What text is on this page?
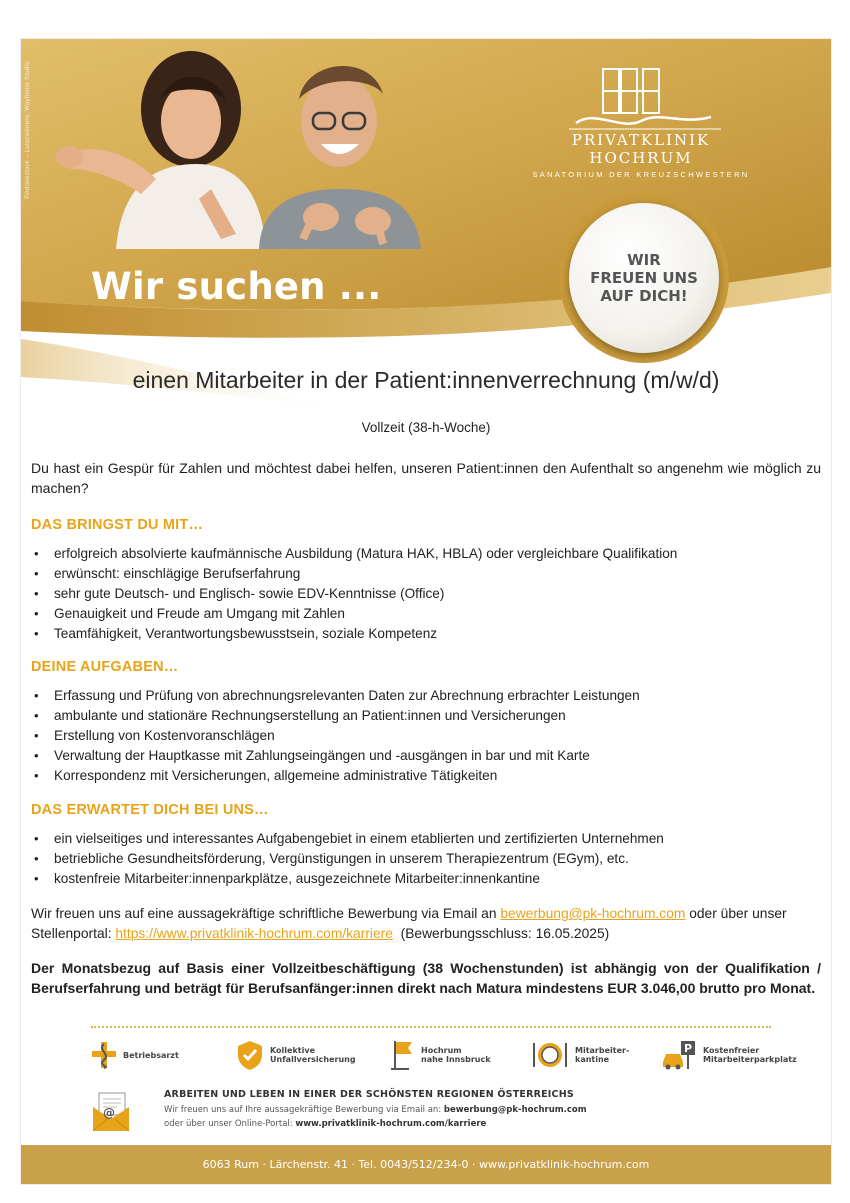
©Adobestock – Luismolinero, Wayhome Studio	PRIVATKLINIK HOCHRUM
SANATORIUM DER KREUZSCHWESTERN
Wir suchen ...
WIR
FREUEN UNS
AUF DICH!
einen Mitarbeiter in der Patient:innenverrechnung (m/w/d)
Vollzeit (38-h-Woche)
Du hast ein Gespür für Zahlen und möchtest dabei helfen, unseren Patient:innen den Aufenthalt so angenehm wie möglich zu machen?
DAS BRINGST DU MIT…
• erfolgreich absolvierte kaufmännische Ausbildung (Matura HAK, HBLA) oder vergleichbare Qualifikation
• erwünscht: einschlägige Berufserfahrung
• sehr gute Deutsch- und Englisch- sowie EDV-Kenntnisse (Office)
• Genauigkeit und Freude am Umgang mit Zahlen
• Teamfähigkeit, Verantwortungsbewusstsein, soziale Kompetenz
DEINE AUFGABEN…
• Erfassung und Prüfung von abrechnungsrelevanten Daten zur Abrechnung erbrachter Leistungen
• ambulante und stationäre Rechnungserstellung an Patient:innen und Versicherungen
• Erstellung von Kostenvoranschlägen
• Verwaltung der Hauptkasse mit Zahlungseingängen und -ausgängen in bar und mit Karte
• Korrespondenz mit Versicherungen, allgemeine administrative Tätigkeiten
DAS ERWARTET DICH BEI UNS…
• ein vielseitiges und interessantes Aufgabengebiet in einem etablierten und zertifizierten Unternehmen
• betriebliche Gesundheitsförderung, Vergünstigungen in unserem Therapiezentrum (EGym), etc.
• kostenfreie Mitarbeiter:innenparkplätze, ausgezeichnete Mitarbeiter:innenkantine
Wir freuen uns auf eine aussagekräftige schriftliche Bewerbung via Email an bewerbung@pk-hochrum.com oder über unser Stellenportal: https://www.privatklinik-hochrum.com/karriere (Bewerbungsschluss: 16.05.2025)
Der Monatsbezug auf Basis einer Vollzeitbeschäftigung (38 Wochenstunden) ist abhängig von der Qualifikation / Berufserfahrung und beträgt für Berufsanfänger:innen direkt nach Matura mindestens EUR 3.046,00 brutto pro Monat.
Betriebsarzt	Kollektive
Unfallversicherung
Hochrum
nahe Innsbruck
Mitarbeiter-
kantine
P Kostenfreier
Mitarbeiterparkplatz
@
ARBEITEN UND LEBEN IN EINER DER SCHÖNSTEN REGIONEN ÖSTERREICHS
Wir freuen uns auf Ihre aussagekräftige Bewerbung via Email an: bewerbung@pk-hochrum.com
oder über unser Online-Portal: www.privatklinik-hochrum.com/karriere
6063 Rum · Lärchenstr. 41 · Tel. 0043/512/234-0 · www.privatklinik-hochrum.com
